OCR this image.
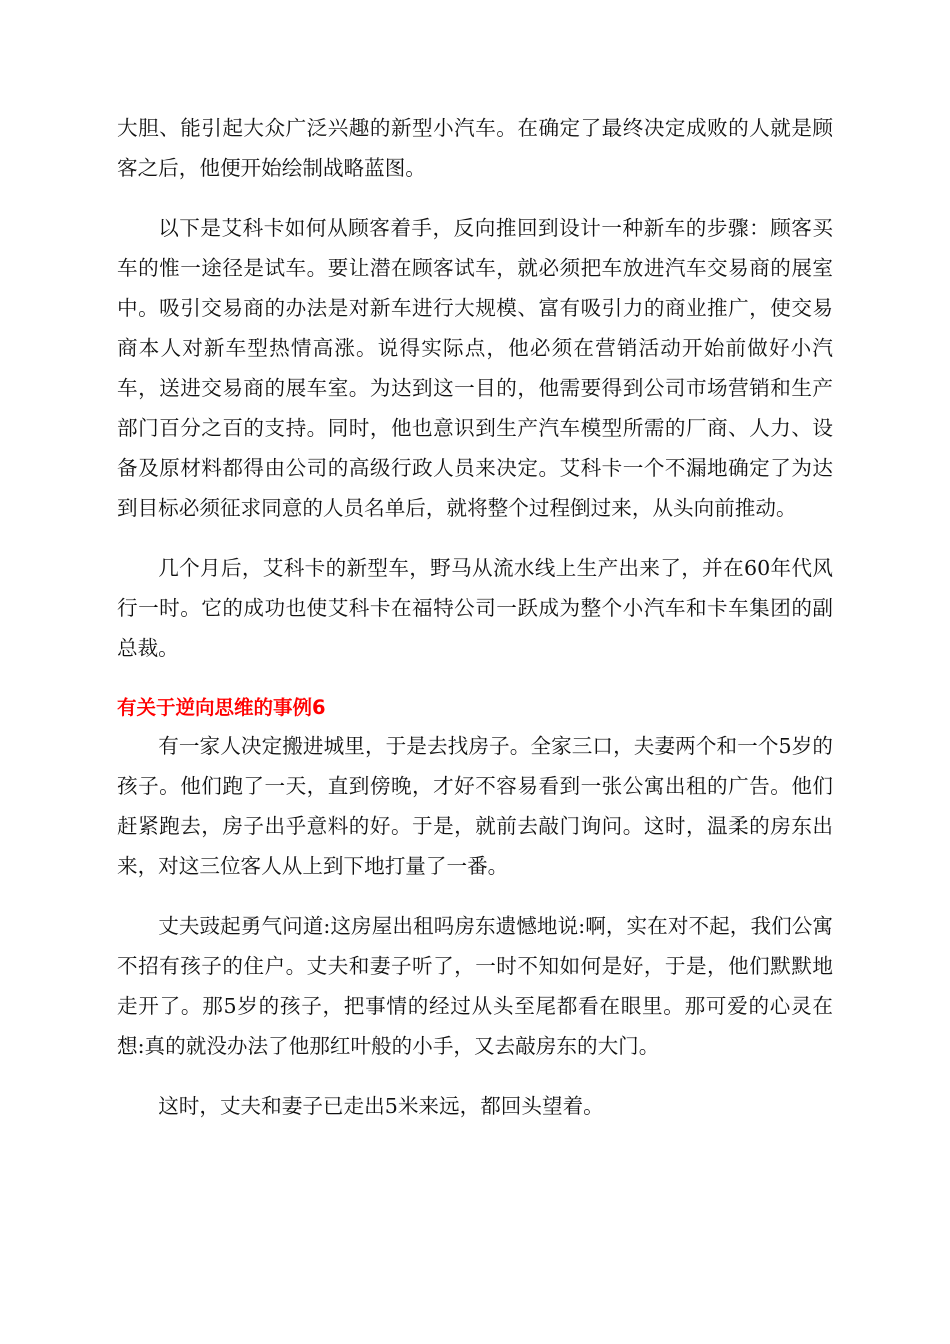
大胆、能引起大众广泛兴趣的新型小汽车。在确定了最终决定成败的人就是顾客之后，他便开始绘制战略蓝图。

以下是艾科卡如何从顾客着手，反向推回到设计一种新车的步骤：顾客买车的惟一途径是试车。要让潜在顾客试车，就必须把车放进汽车交易商的展室中。吸引交易商的办法是对新车进行大规模、富有吸引力的商业推广，使交易商本人对新车型热情高涨。说得实际点，他必须在营销活动开始前做好小汽车，送进交易商的展车室。为达到这一目的，他需要得到公司市场营销和生产部门百分之百的支持。同时，他也意识到生产汽车模型所需的厂商、人力、设备及原材料都得由公司的高级行政人员来决定。艾科卡一个不漏地确定了为达到目标必须征求同意的人员名单后，就将整个过程倒过来，从头向前推动。

几个月后，艾科卡的新型车，野马从流水线上生产出来了，并在60年代风行一时。它的成功也使艾科卡在福特公司一跃成为整个小汽车和卡车集团的副总裁。

有关于逆向思维的事例6

有一家人决定搬进城里，于是去找房子。全家三口，夫妻两个和一个5岁的孩子。他们跑了一天，直到傍晚，才好不容易看到一张公寓出租的广告。他们赶紧跑去，房子出乎意料的好。于是，就前去敲门询问。这时，温柔的房东出来，对这三位客人从上到下地打量了一番。

丈夫豉起勇气问道:这房屋出租吗房东遗憾地说:啊，实在对不起，我们公寓不招有孩子的住户。丈夫和妻子听了，一时不知如何是好，于是，他们默默地走开了。那5岁的孩子，把事情的经过从头至尾都看在眼里。那可爱的心灵在想:真的就没办法了他那红叶般的小手，又去敲房东的大门。

这时，丈夫和妻子已走出5米来远，都回头望着。
